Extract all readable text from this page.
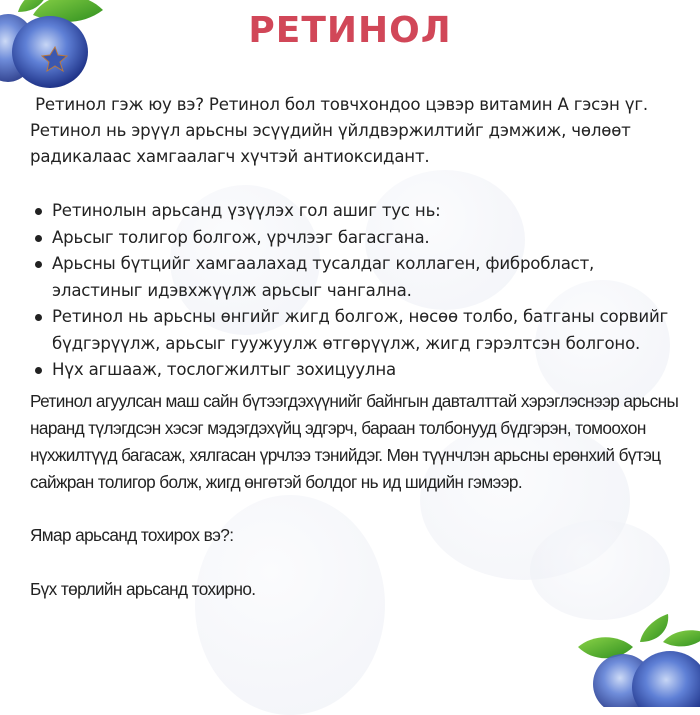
РЕТИНОЛ

Ретинол гэж юу вэ? Ретинол бол товчхондоо цэвэр витамин А гэсэн үг. Ретинол нь эрүүл арьсны эсүүдийн үйлдвэржилтийг дэмжиж, чөлөөт радикалаас хамгаалагч хүчтэй антиоксидант.

Ретинолын арьсанд үзүүлэх гол ашиг тус нь:
Арьсыг толигор болгож, үрчлээг багасгана.
Арьсны бүтцийг хамгаалахад тусалдаг коллаген, фибробласт, эластиныг идэвхжүүлж арьсыг чангална.
Ретинол нь арьсны өнгийг жигд болгож, нөсөө толбо, батганы сорвийг бүдгэрүүлж, арьсыг гуужуулж өтгөрүүлж, жигд гэрэлтсэн болгоно.
Нүх агшааж, тослогжилтыг зохицуулна

Ретинол агуулсан маш сайн бүтээгдэхүүнийг байнгын давталттай хэрэглэснээр арьсны наранд түлэгдсэн хэсэг мэдэгдэхүйц эдгэрч, бараан толбонууд бүдгэрэн, томоохон нүхжилтүүд багасаж, хялгасан үрчлээ тэнийдэг. Мөн түүнчлэн арьсны ерөнхий бүтэц сайжран толигор болж, жигд өнгөтэй болдог нь ид шидийн гэмээр.

Ямар арьсанд тохирох вэ?:

Бүх төрлийн арьсанд тохирно.
